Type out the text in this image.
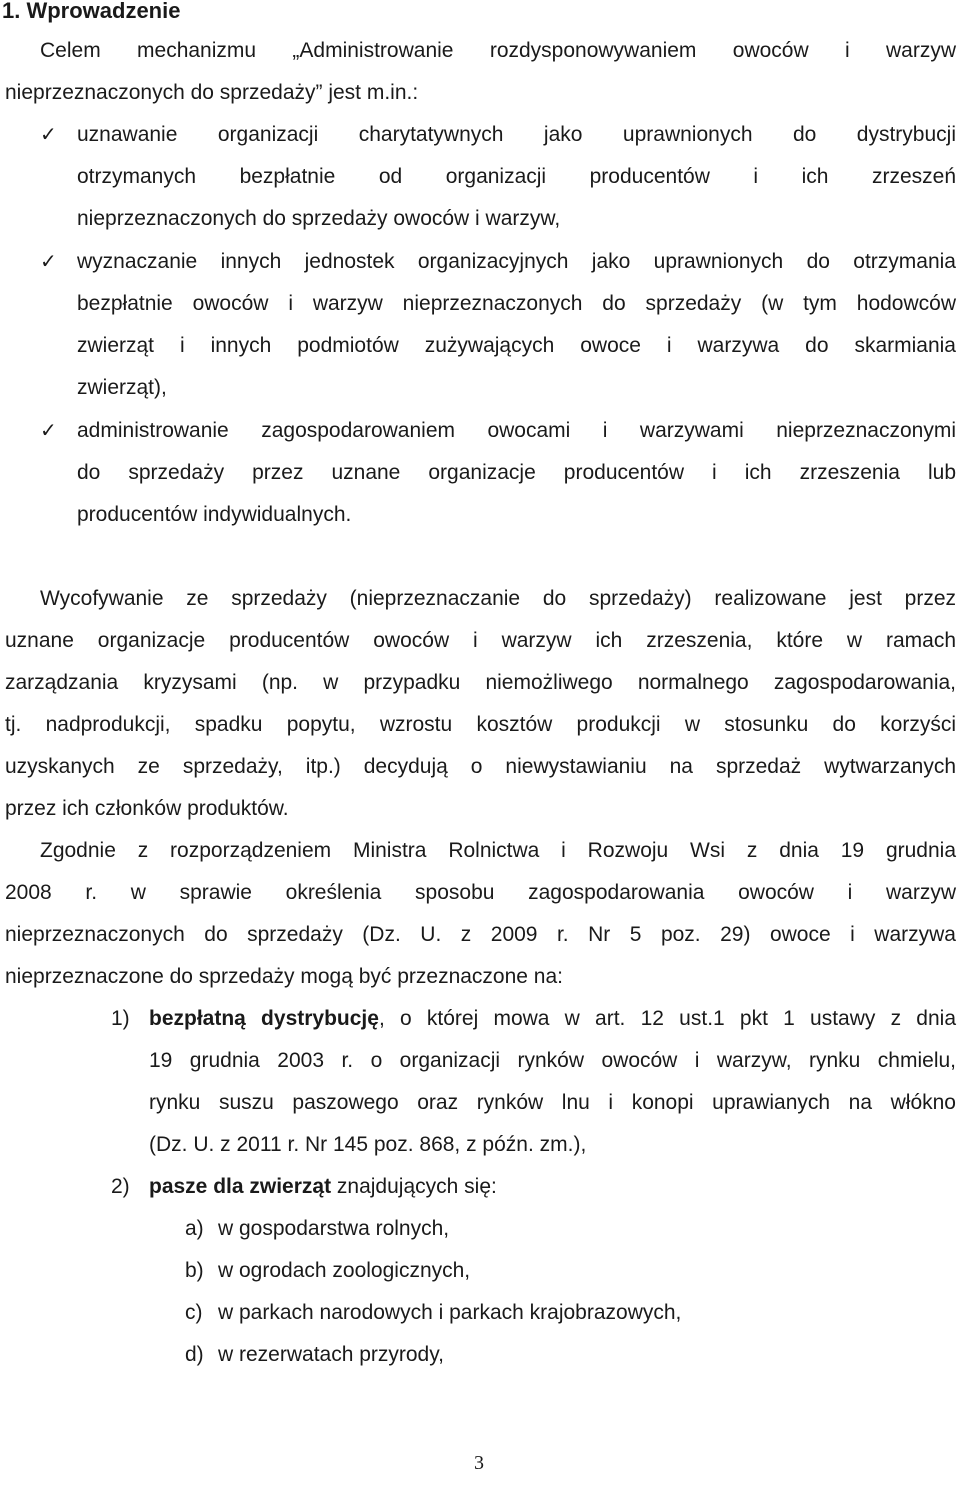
1. Wprowadzenie
Celem mechanizmu „Administrowanie rozdysponowywaniem owoców i warzyw
nieprzeznaczonych do sprzedaży” jest m.in.:
✓ uznawanie organizacji charytatywnych jako uprawnionych do dystrybucji
otrzymanych bezpłatnie od organizacji producentów i ich zrzeszeń
nieprzeznaczonych do sprzedaży owoców i warzyw,
✓ wyznaczanie innych jednostek organizacyjnych jako uprawnionych do otrzymania
bezpłatnie owoców i warzyw nieprzeznaczonych do sprzedaży (w tym hodowców
zwierząt i innych podmiotów zużywających owoce i warzywa do skarmiania
zwierząt),
✓ administrowanie zagospodarowaniem owocami i warzywami nieprzeznaczonymi
do sprzedaży przez uznane organizacje producentów i ich zrzeszenia lub
producentów indywidualnych.
Wycofywanie ze sprzedaży (nieprzeznaczanie do sprzedaży) realizowane jest przez
uznane organizacje producentów owoców i warzyw ich zrzeszenia, które w ramach
zarządzania kryzysami (np. w przypadku niemożliwego normalnego zagospodarowania,
tj. nadprodukcji, spadku popytu, wzrostu kosztów produkcji w stosunku do korzyści
uzyskanych ze sprzedaży, itp.) decydują o niewystawianiu na sprzedaż wytwarzanych
przez ich członków produktów.
Zgodnie z rozporządzeniem Ministra Rolnictwa i Rozwoju Wsi z dnia 19 grudnia
2008 r. w sprawie określenia sposobu zagospodarowania owoców i warzyw
nieprzeznaczonych do sprzedaży (Dz. U. z 2009 r. Nr 5 poz. 29) owoce i warzywa
nieprzeznaczone do sprzedaży mogą być przeznaczone na:
1) bezpłatną dystrybucję, o której mowa w art. 12 ust.1 pkt 1 ustawy z dnia
19 grudnia 2003 r. o organizacji rynków owoców i warzyw, rynku chmielu,
rynku suszu paszowego oraz rynków lnu i konopi uprawianych na włókno
(Dz. U. z 2011 r. Nr 145 poz. 868, z późn. zm.),
2) pasze dla zwierząt znajdujących się:
a) w gospodarstwa rolnych,
b) w ogrodach zoologicznych,
c) w parkach narodowych i parkach krajobrazowych,
d) w rezerwatach przyrody,
3
